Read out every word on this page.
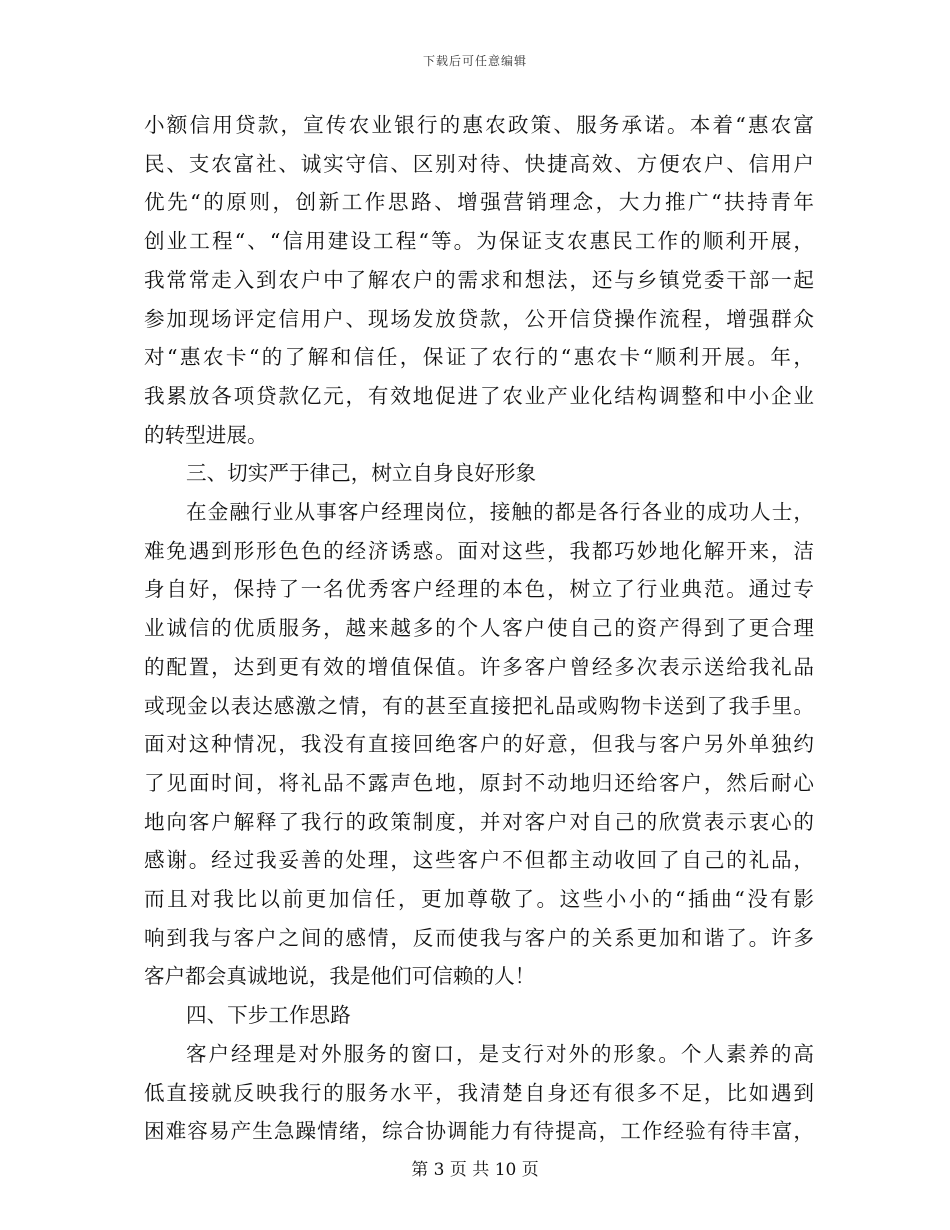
下载后可任意编辑
小额信用贷款，宣传农业银行的惠农政策、服务承诺。本着“惠农富
民、支农富社、诚实守信、区别对待、快捷高效、方便农户、信用户
优先“的原则，创新工作思路、增强营销理念，大力推广“扶持青年
创业工程“、“信用建设工程“等。为保证支农惠民工作的顺利开展，
我常常走入到农户中了解农户的需求和想法，还与乡镇党委干部一起
参加现场评定信用户、现场发放贷款，公开信贷操作流程，增强群众
对“惠农卡“的了解和信任，保证了农行的“惠农卡“顺利开展。年，
我累放各项贷款亿元，有效地促进了农业产业化结构调整和中小企业
的转型进展。
三、切实严于律己，树立自身良好形象
在金融行业从事客户经理岗位，接触的都是各行各业的成功人士，
难免遇到形形色色的经济诱惑。面对这些，我都巧妙地化解开来，洁
身自好，保持了一名优秀客户经理的本色，树立了行业典范。通过专
业诚信的优质服务，越来越多的个人客户使自己的资产得到了更合理
的配置，达到更有效的增值保值。许多客户曾经多次表示送给我礼品
或现金以表达感激之情，有的甚至直接把礼品或购物卡送到了我手里。
面对这种情况，我没有直接回绝客户的好意，但我与客户另外单独约
了见面时间，将礼品不露声色地，原封不动地归还给客户，然后耐心
地向客户解释了我行的政策制度，并对客户对自己的欣赏表示衷心的
感谢。经过我妥善的处理，这些客户不但都主动收回了自己的礼品，
而且对我比以前更加信任，更加尊敬了。这些小小的“插曲“没有影
响到我与客户之间的感情，反而使我与客户的关系更加和谐了。许多
客户都会真诚地说，我是他们可信赖的人！
四、下步工作思路
客户经理是对外服务的窗口，是支行对外的形象。个人素养的高
低直接就反映我行的服务水平，我清楚自身还有很多不足，比如遇到
困难容易产生急躁情绪，综合协调能力有待提高，工作经验有待丰富，
第 3 页 共 10 页
